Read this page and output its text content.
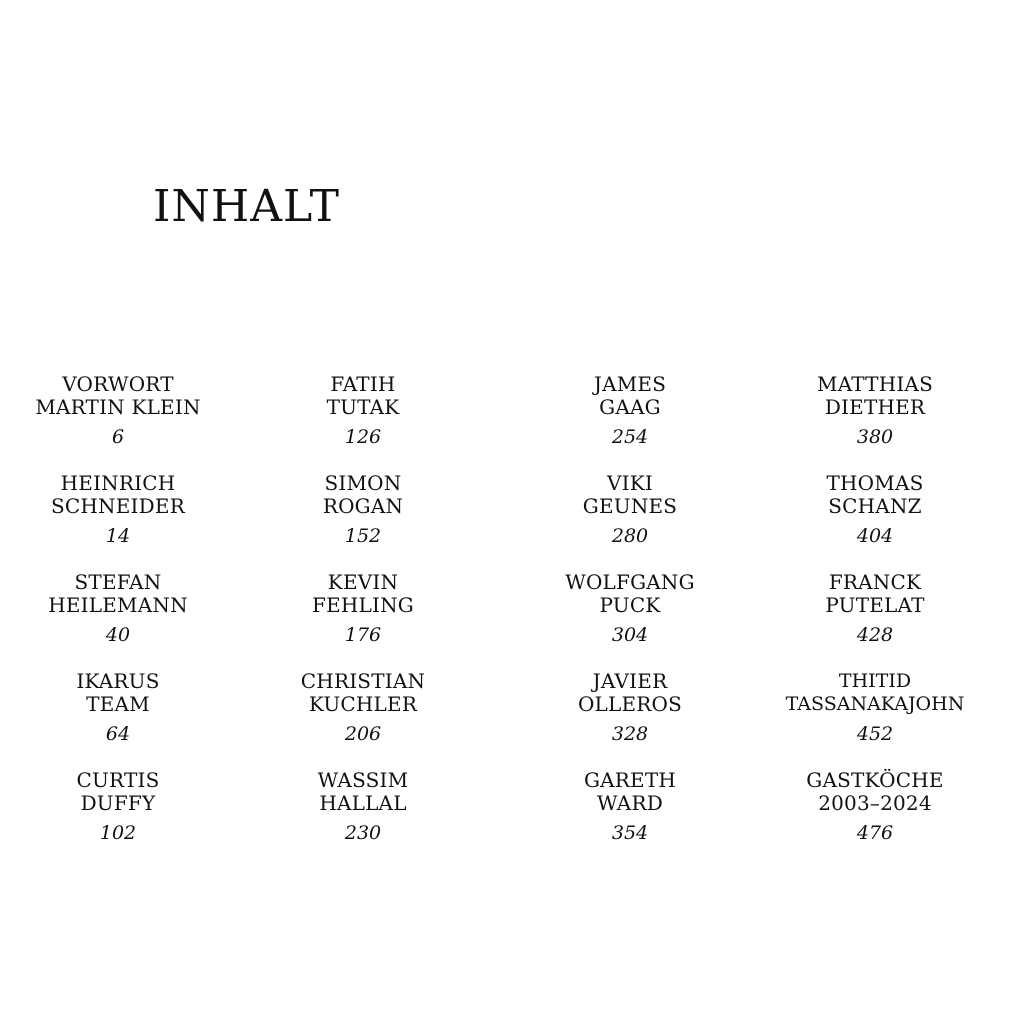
INHALT
VORWORT
MARTIN KLEIN
6
HEINRICH
SCHNEIDER
14
STEFAN
HEILEMANN
40
IKARUS
TEAM
64
CURTIS
DUFFY
102
FATIH
TUTAK
126
SIMON
ROGAN
152
KEVIN
FEHLING
176
CHRISTIAN
KUCHLER
206
WASSIM
HALLAL
230
JAMES
GAAG
254
VIKI
GEUNES
280
WOLFGANG
PUCK
304
JAVIER
OLLEROS
328
GARETH
WARD
354
MATTHIAS
DIETHER
380
THOMAS
SCHANZ
404
FRANCK
PUTELAT
428
THITID
TASSANAKAJOHN
452
GASTKÖCHE
2003–2024
476
